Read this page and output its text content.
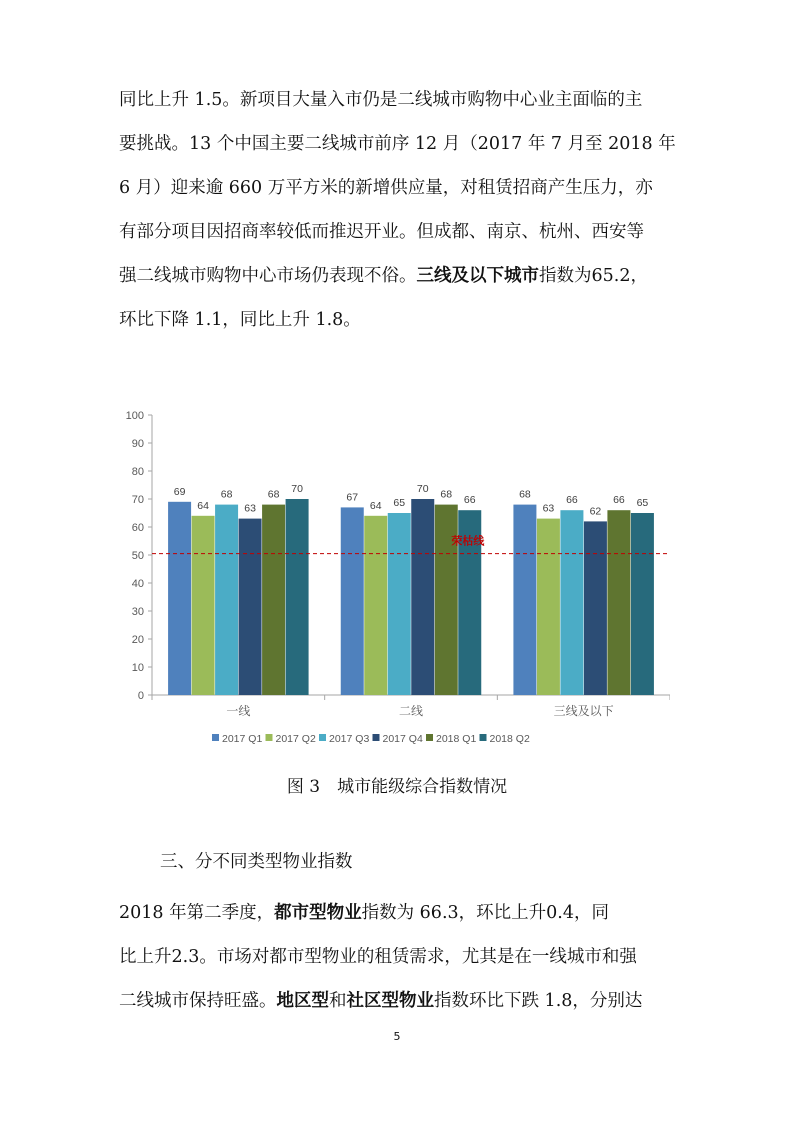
同比上升 1.5。新项目大量入市仍是二线城市购物中心业主面临的主
要挑战。13 个中国主要二线城市前序 12 月（2017 年 7 月至 2018 年
6 月）迎来逾 660 万平方米的新增供应量，对租赁招商产生压力，亦
有部分项目因招商率较低而推迟开业。但成都、南京、杭州、西安等
强二线城市购物中心市场仍表现不俗。三线及以下城市指数为65.2，
环比下降 1.1，同比上升 1.8。

0
10
20
30
40
50
60
70
80
90
100
一线	二线	三线及以下
69
64
68
63
68 70
67
64 65
70 68 66	68
63
66
62
66 65
荣枯线
2017 Q1 2017 Q2 2017 Q3 2017 Q4 2018 Q1 2018 Q2
图 3　城市能级综合指数情况

三、分不同类型物业指数

2018 年第二季度，都市型物业指数为 66.3，环比上升0.4，同
比上升2.3。市场对都市型物业的租赁需求，尤其是在一线城市和强
二线城市保持旺盛。地区型和社区型物业指数环比下跌 1.8，分别达

5
